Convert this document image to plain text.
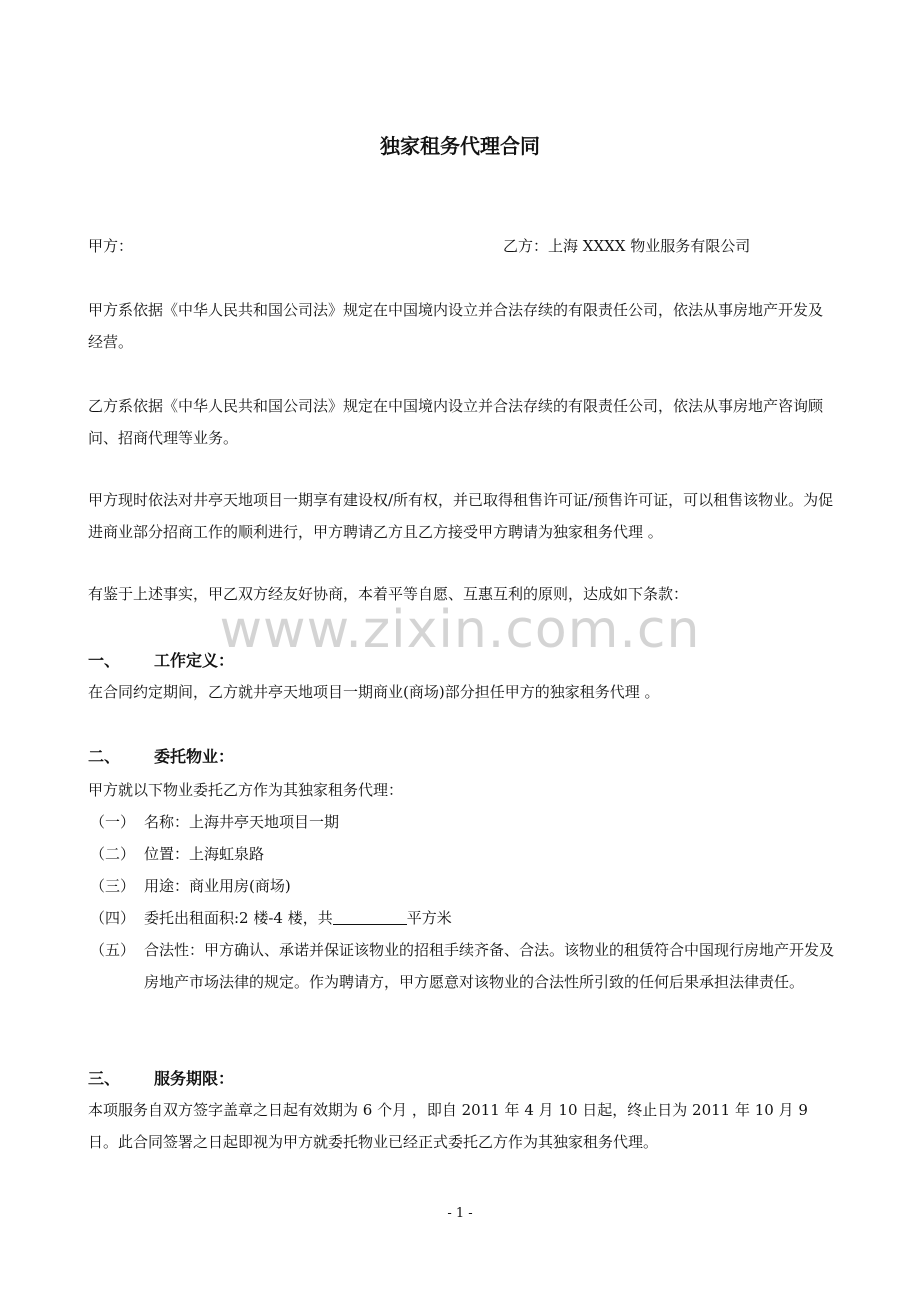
独家租务代理合同
甲方：	乙方：上海 XXXX 物业服务有限公司
甲方系依据《中华人民共和国公司法》规定在中国境内设立并合法存续的有限责任公司，依法从事房地产开发及经营。
乙方系依据《中华人民共和国公司法》规定在中国境内设立并合法存续的有限责任公司，依法从事房地产咨询顾问、招商代理等业务。
甲方现时依法对井亭天地项目一期享有建设权/所有权，并已取得租售许可证/预售许可证，可以租售该物业。为促进商业部分招商工作的顺利进行，甲方聘请乙方且乙方接受甲方聘请为独家租务代理 。
有鉴于上述事实，甲乙双方经友好协商，本着平等自愿、互惠互利的原则，达成如下条款：
www.zixin.com.cn
一、 工作定义：
在合同约定期间，乙方就井亭天地项目一期商业(商场)部分担任甲方的独家租务代理 。
二、 委托物业：
甲方就以下物业委托乙方作为其独家租务代理：
（一） 名称：上海井亭天地项目一期
（二） 位置：上海虹泉路
（三） 用途：商业用房(商场)
（四） 委托出租面积:2 楼-4 楼，共	平方米
（五） 合法性：甲方确认、承诺并保证该物业的招租手续齐备、合法。该物业的租赁符合中国现行房地产开发及房地产市场法律的规定。作为聘请方，甲方愿意对该物业的合法性所引致的任何后果承担法律责任。
三、 服务期限：
本项服务自双方签字盖章之日起有效期为 6 个月 ，即自 2011 年 4 月 10 日起，终止日为 2011 年 10 月 9 日。此合同签署之日起即视为甲方就委托物业已经正式委托乙方作为其独家租务代理。
- 1 -
